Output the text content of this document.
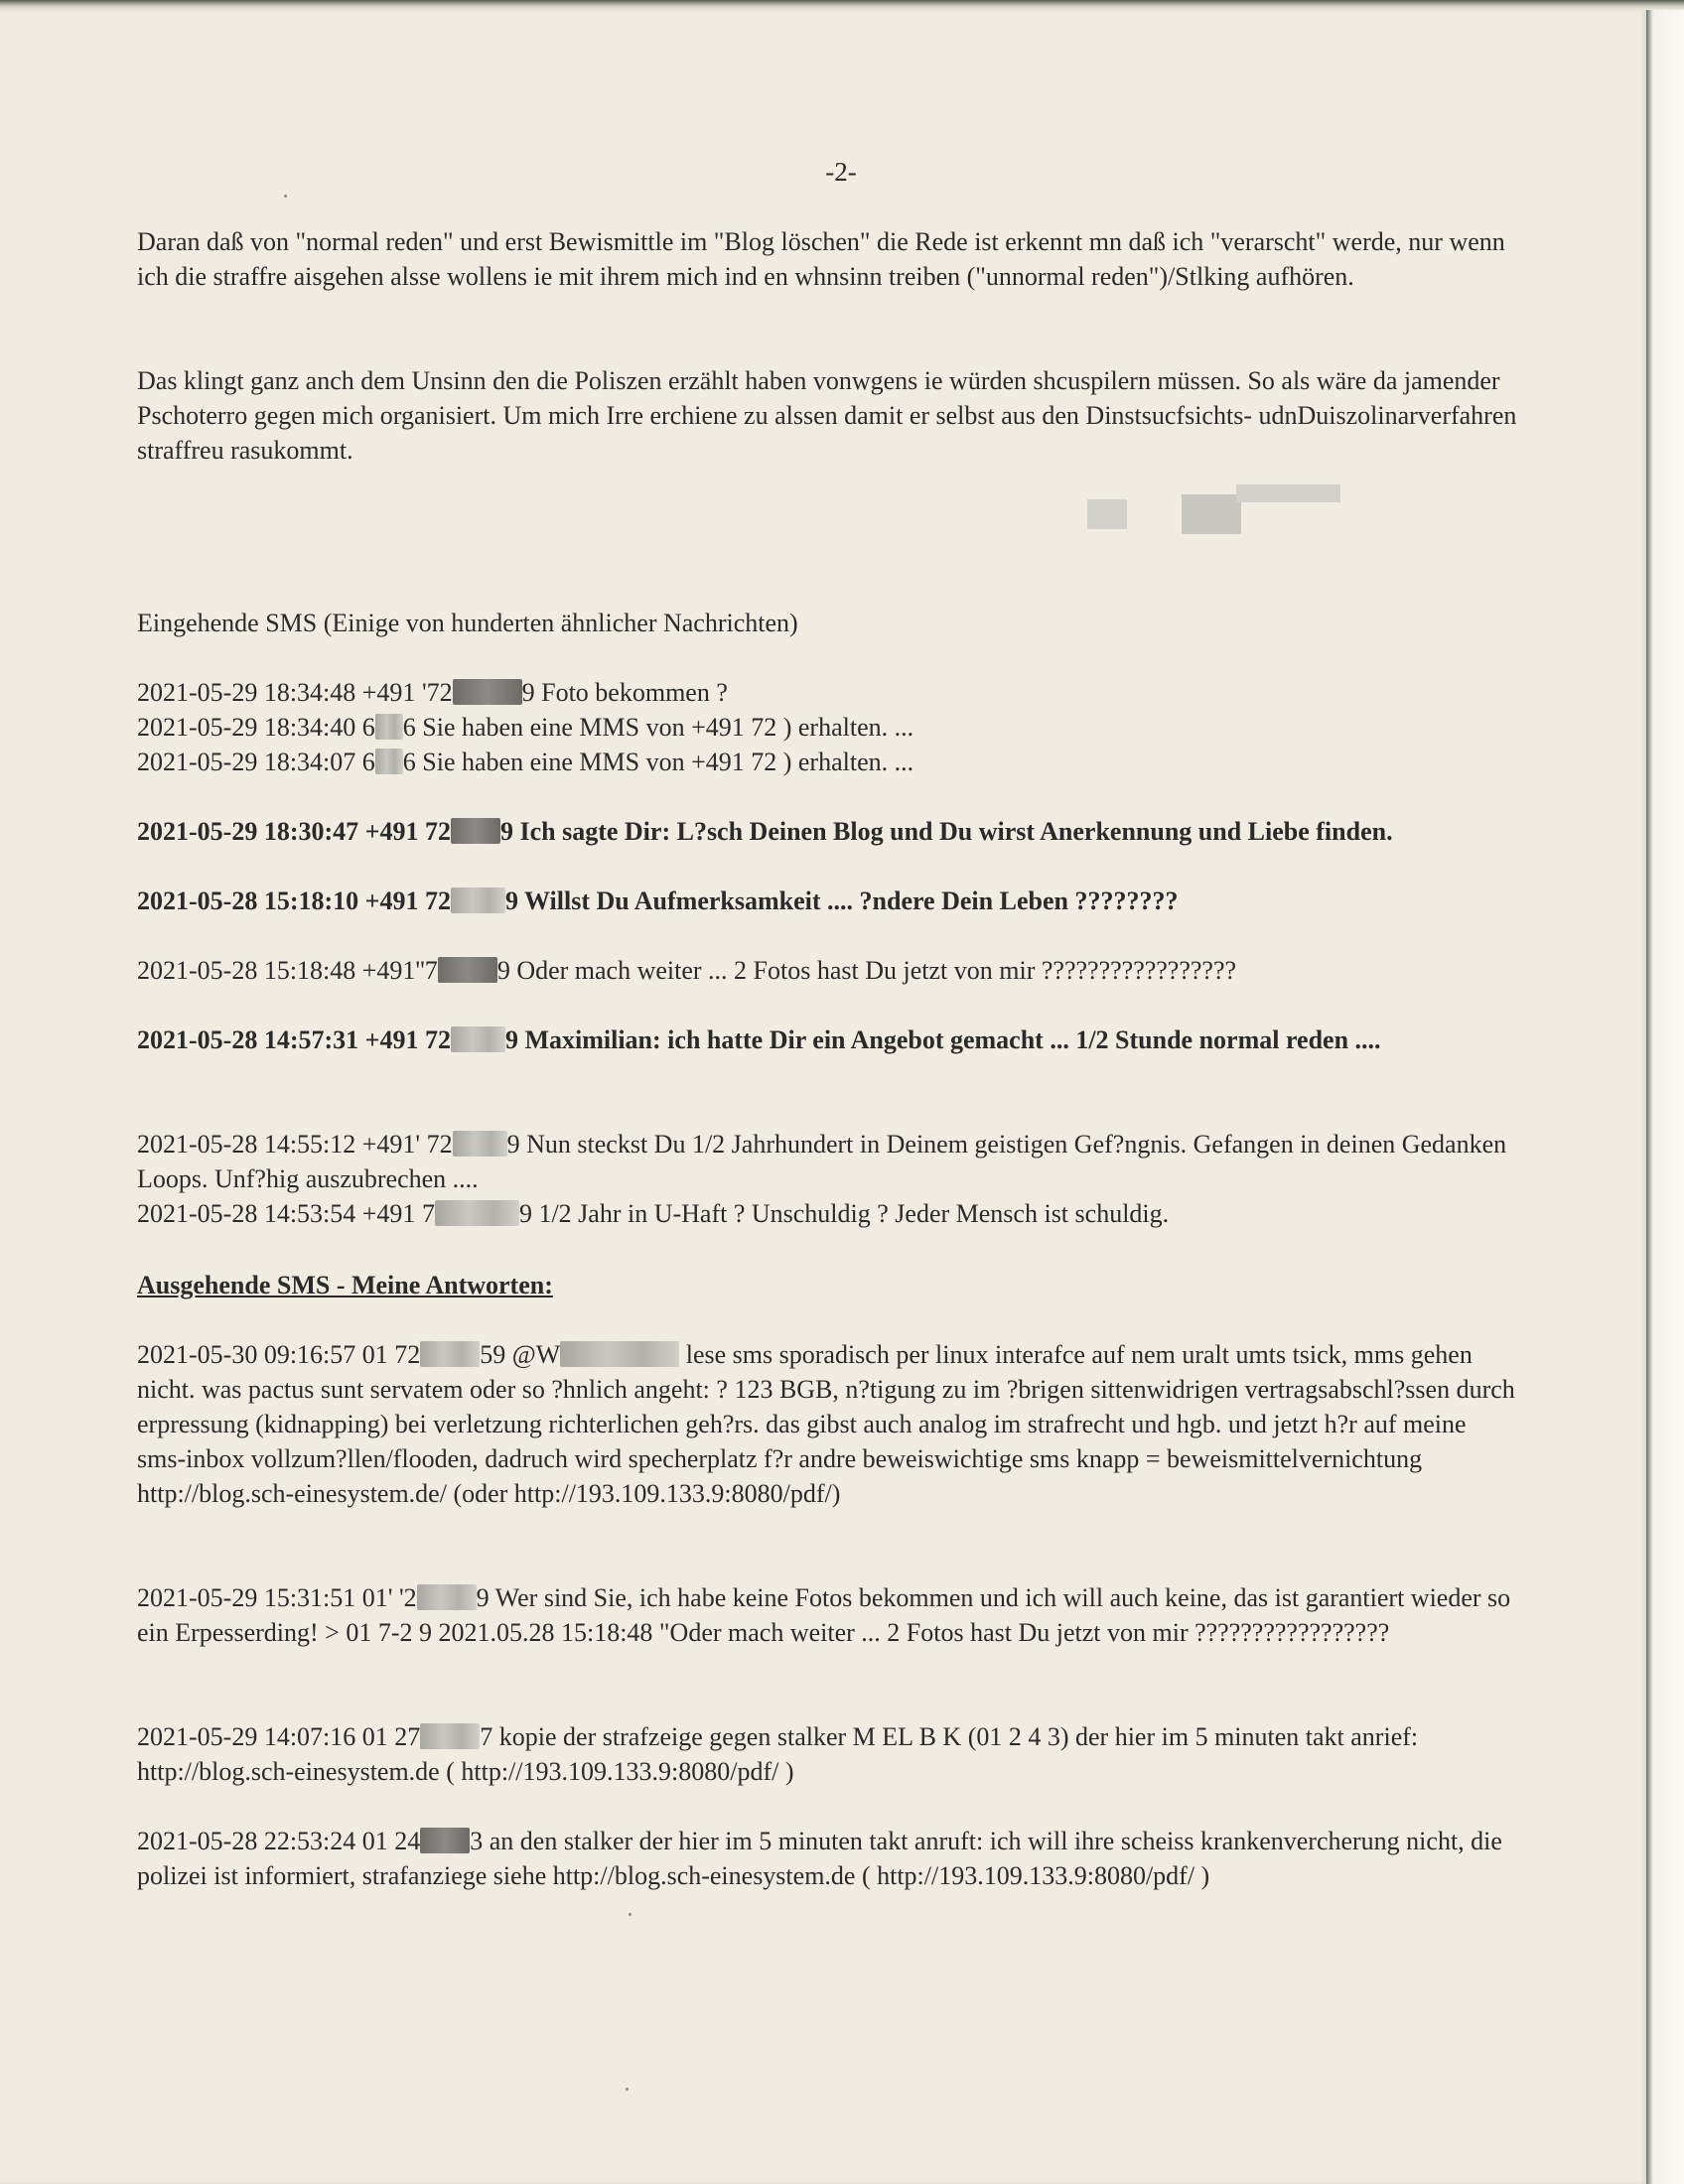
-2-

Daran daß von "normal reden" und erst Bewismittle im "Blog löschen" die Rede ist erkennt mn daß ich "verarscht" werde, nur wenn ich die straffre aisgehen alsse wollens ie mit ihrem mich ind en whnsinn treiben ("unnormal reden")/Stlking aufhören.

Das klingt ganz anch dem Unsinn den die Poliszen erzählt haben vonwgens ie würden shcuspilern müssen. So als wäre da jamender Pschoterro gegen mich organisiert. Um mich Irre erchiene zu alssen damit er selbst aus den Dinstsucfsichts- udnDuiszolinarverfahren straffreu rasukommt.

Eingehende SMS (Einige von hunderten ähnlicher Nachrichten)

2021-05-29 18:34:48 +491 '72	9 Foto bekommen ?

2021-05-29 18:34:40 6 6 Sie haben eine MMS von +491 72 ) erhalten. ...

2021-05-29 18:34:07 6 6 Sie haben eine MMS von +491 72 ) erhalten. ...

2021-05-29 18:30:47 +491 72 9 Ich sagte Dir: L?sch Deinen Blog und Du wirst Anerkennung und Liebe finden.

2021-05-28 15:18:10 +491 72 9 Willst Du Aufmerksamkeit .... ?ndere Dein Leben ????????

2021-05-28 15:18:48 +491''7 9 Oder mach weiter ... 2 Fotos hast Du jetzt von mir ?????????????????

2021-05-28 14:57:31 +491 72 9 Maximilian: ich hatte Dir ein Angebot gemacht ... 1/2 Stunde normal reden ....

2021-05-28 14:55:12 +491' 72 9 Nun steckst Du 1/2 Jahrhundert in Deinem geistigen Gef?ngnis. Gefangen in deinen Gedanken Loops. Unf?hig auszubrechen ....

2021-05-28 14:53:54 +491 7	9 1/2 Jahr in U-Haft ? Unschuldig ? Jeder Mensch ist schuldig.

Ausgehende SMS - Meine Antworten:

2021-05-30 09:16:57 01 72 59 @W	lese sms sporadisch per linux interafce auf nem uralt umts tsick, mms gehen nicht. was pactus sunt servatem oder so ?hnlich angeht: ? 123 BGB, n?tigung zu im ?brigen sittenwidrigen vertragsabschl?ssen durch erpressung (kidnapping) bei verletzung richterlichen geh?rs. das gibst auch analog im strafrecht und hgb. und jetzt h?r auf meine sms-inbox vollzum?llen/flooden, dadruch wird specherplatz f?r andre beweiswichtige sms knapp = beweismittelvernichtung http://blog.sch-einesystem.de/ (oder http://193.109.133.9:8080/pdf/)

2021-05-29 15:31:51 01' '2 9 Wer sind Sie, ich habe keine Fotos bekommen und ich will auch keine, das ist garantiert wieder so ein Erpesserding! > 01 7-2 9 2021.05.28 15:18:48 "Oder mach weiter ... 2 Fotos hast Du jetzt von mir ?????????????????

2021-05-29 14:07:16 01 27 7 kopie der strafzeige gegen stalker M EL B K (01 2 4 3) der hier im 5 minuten takt anrief: http://blog.sch-einesystem.de ( http://193.109.133.9:8080/pdf/ )

2021-05-28 22:53:24 01 24 3 an den stalker der hier im 5 minuten takt anruft: ich will ihre scheiss krankenvercherung nicht, die polizei ist informiert, strafanziege siehe http://blog.sch-einesystem.de ( http://193.109.133.9:8080/pdf/ )
